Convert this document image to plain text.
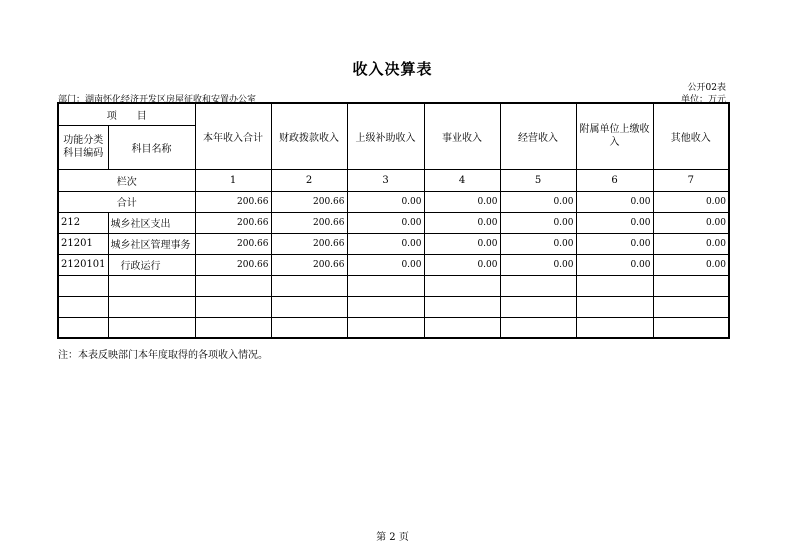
收入决算表
公开02表
部门：湖南怀化经济开发区房屋征收和安置办公室	单位：万元
项　　目		本年收入合计	财政拨款收入	上级补助收入	事业收入	经营收入	附属单位上缴收入	其他收入
功能分类科目编码	科目名称							
栏次		1	2	3	4	5	6	7
合计		200.66	200.66	0.00	0.00	0.00	0.00	0.00
212	城乡社区支出	200.66	200.66	0.00	0.00	0.00	0.00	0.00
21201	城乡社区管理事务	200.66	200.66	0.00	0.00	0.00	0.00	0.00
2120101	行政运行	200.66	200.66	0.00	0.00	0.00	0.00	0.00

注：本表反映部门本年度取得的各项收入情况。
第 2 页
